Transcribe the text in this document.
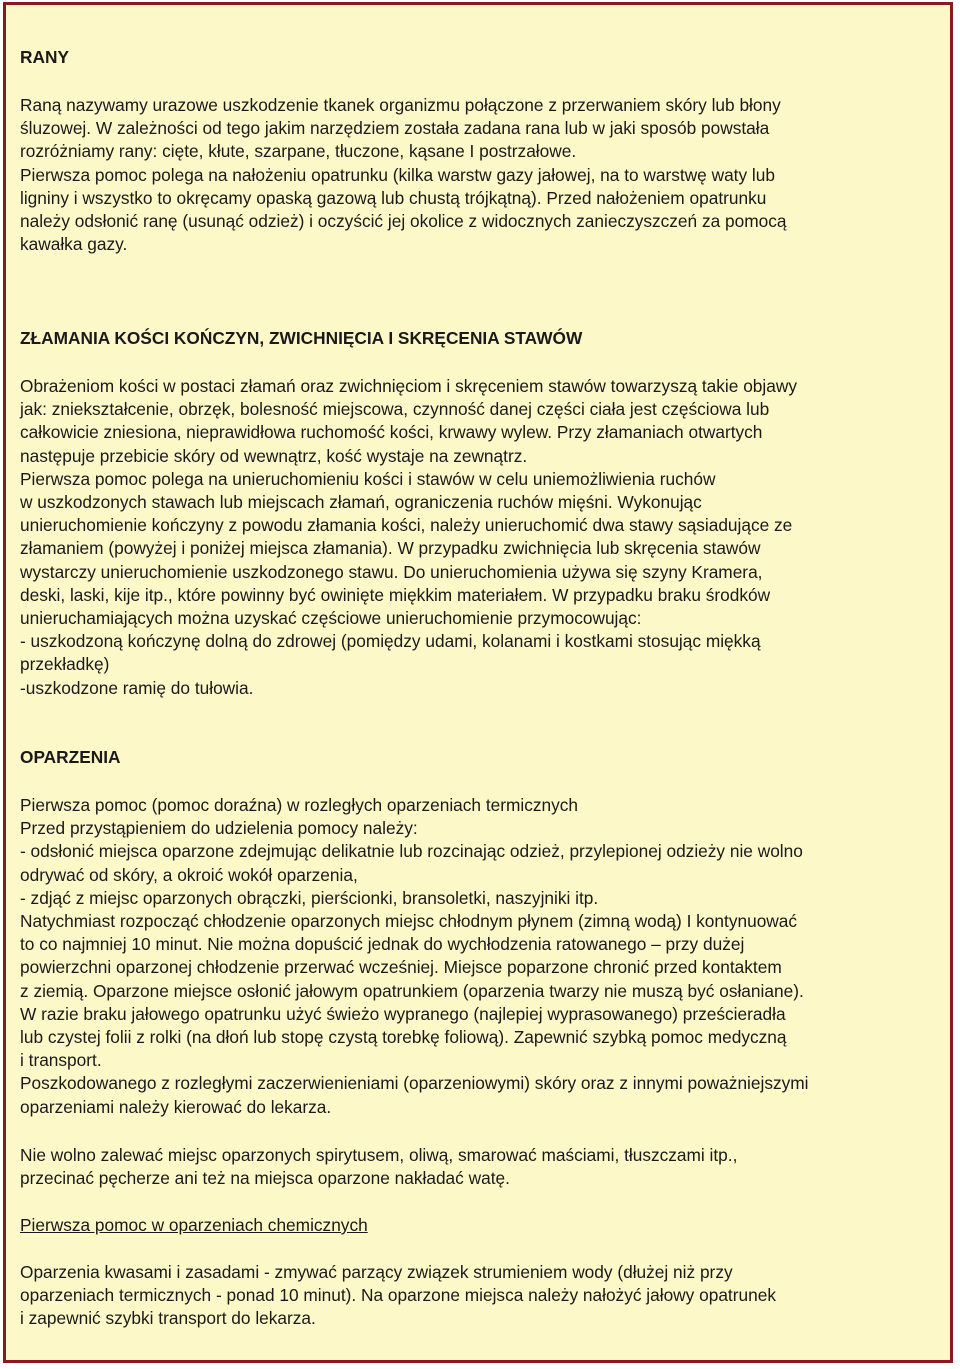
RANY

Raną nazywamy urazowe uszkodzenie tkanek organizmu połączone z przerwaniem skóry lub błony
śluzowej. W zależności od tego jakim narzędziem została zadana rana lub w jaki sposób powstała
rozróżniamy rany: cięte, kłute, szarpane, tłuczone, kąsane I postrzałowe.
Pierwsza pomoc polega na nałożeniu opatrunku (kilka warstw gazy jałowej, na to warstwę waty lub
ligniny i wszystko to okręcamy opaską gazową lub chustą trójkątną). Przed nałożeniem opatrunku
należy odsłonić ranę (usunąć odzież) i oczyścić jej okolice z widocznych zanieczyszczeń za pomocą
kawałka gazy.

ZŁAMANIA KOŚCI KOŃCZYN, ZWICHNIĘCIA I SKRĘCENIA STAWÓW

Obrażeniom kości w postaci złamań oraz zwichnięciom i skręceniem stawów towarzyszą takie objawy
jak: zniekształcenie, obrzęk, bolesność miejscowa, czynność danej części ciała jest częściowa lub
całkowicie zniesiona, nieprawidłowa ruchomość kości, krwawy wylew. Przy złamaniach otwartych
następuje przebicie skóry od wewnątrz, kość wystaje na zewnątrz.
Pierwsza pomoc polega na unieruchomieniu kości i stawów w celu uniemożliwienia ruchów
w uszkodzonych stawach lub miejscach złamań, ograniczenia ruchów mięśni. Wykonując
unieruchomienie kończyny z powodu złamania kości, należy unieruchomić dwa stawy sąsiadujące ze
złamaniem (powyżej i poniżej miejsca złamania). W przypadku zwichnięcia lub skręcenia stawów
wystarczy unieruchomienie uszkodzonego stawu. Do unieruchomienia używa się szyny Kramera,
deski, laski, kije itp., które powinny być owinięte miękkim materiałem. W przypadku braku środków
unieruchamiających można uzyskać częściowe unieruchomienie przymocowując:
- uszkodzoną kończynę dolną do zdrowej (pomiędzy udami, kolanami i kostkami stosując miękką
przekładkę)
-uszkodzone ramię do tułowia.

OPARZENIA

Pierwsza pomoc (pomoc doraźna) w rozległych oparzeniach termicznych
Przed przystąpieniem do udzielenia pomocy należy:
- odsłonić miejsca oparzone zdejmując delikatnie lub rozcinając odzież, przylepionej odzieży nie wolno
odrywać od skóry, a okroić wokół oparzenia,
- zdjąć z miejsc oparzonych obrączki, pierścionki, bransoletki, naszyjniki itp.
Natychmiast rozpocząć chłodzenie oparzonych miejsc chłodnym płynem (zimną wodą) I kontynuować
to co najmniej 10 minut. Nie można dopuścić jednak do wychłodzenia ratowanego – przy dużej
powierzchni oparzonej chłodzenie przerwać wcześniej. Miejsce poparzone chronić przed kontaktem
z ziemią. Oparzone miejsce osłonić jałowym opatrunkiem (oparzenia twarzy nie muszą być osłaniane).
W razie braku jałowego opatrunku użyć świeżo wypranego (najlepiej wyprasowanego) prześcieradła
lub czystej folii z rolki (na dłoń lub stopę czystą torebkę foliową). Zapewnić szybką pomoc medyczną
i transport.
Poszkodowanego z rozległymi zaczerwienieniami (oparzeniowymi) skóry oraz z innymi poważniejszymi
oparzeniami należy kierować do lekarza.
Nie wolno zalewać miejsc oparzonych spirytusem, oliwą, smarować maściami, tłuszczami itp.,
przecinać pęcherze ani też na miejsca oparzone nakładać watę.

Pierwsza pomoc w oparzeniach chemicznych

Oparzenia kwasami i zasadami - zmywać parzący związek strumieniem wody (dłużej niż przy
oparzeniach termicznych - ponad 10 minut). Na oparzone miejsca należy nałożyć jałowy opatrunek
i zapewnić szybki transport do lekarza.
